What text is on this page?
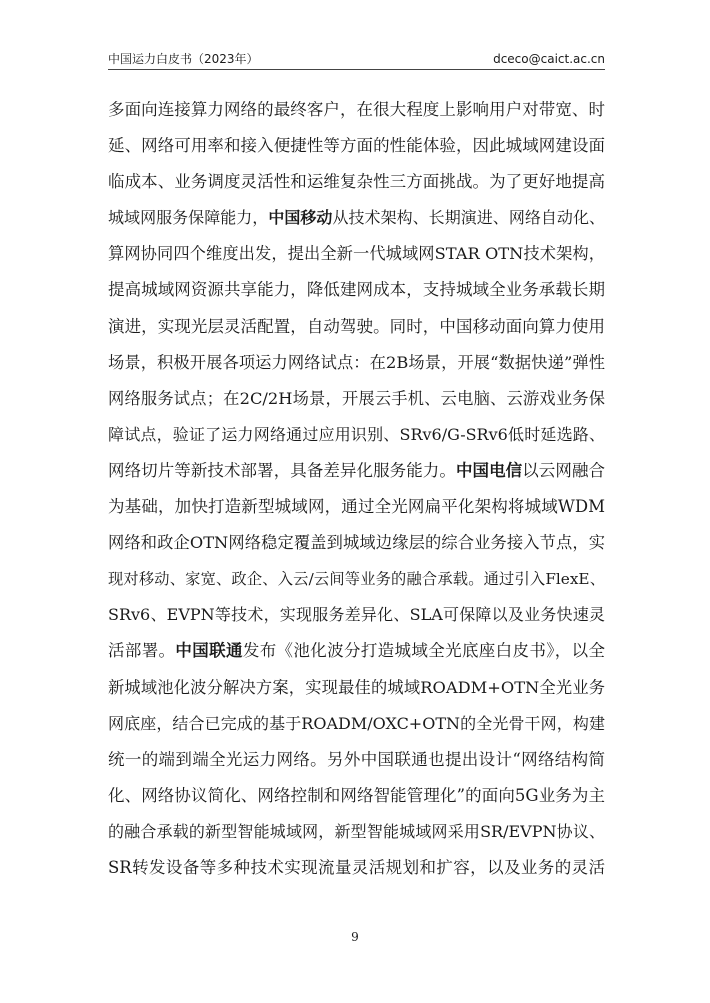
中国运力白皮书（2023年）	dceco@caict.ac.cn
多面向连接算力网络的最终客户，在很大程度上影响用户对带宽、时
延、网络可用率和接入便捷性等方面的性能体验，因此城域网建设面
临成本、业务调度灵活性和运维复杂性三方面挑战。为了更好地提高
城域网服务保障能力，中国移动从技术架构、长期演进、网络自动化、
算网协同四个维度出发，提出全新一代城域网STAR OTN技术架构，
提高城域网资源共享能力，降低建网成本，支持城域全业务承载长期
演进，实现光层灵活配置，自动驾驶。同时，中国移动面向算力使用
场景，积极开展各项运力网络试点：在2B场景，开展“数据快递”弹性
网络服务试点；在2C/2H场景，开展云手机、云电脑、云游戏业务保
障试点，验证了运力网络通过应用识别、SRv6/G-SRv6低时延选路、
网络切片等新技术部署，具备差异化服务能力。中国电信以云网融合
为基础，加快打造新型城域网，通过全光网扁平化架构将城域WDM
网络和政企OTN网络稳定覆盖到城域边缘层的综合业务接入节点，实
现对移动、家宽、政企、入云/云间等业务的融合承载。通过引入FlexE、
SRv6、EVPN等技术，实现服务差异化、SLA可保障以及业务快速灵
活部署。中国联通发布《池化波分打造城域全光底座白皮书》，以全
新城域池化波分解决方案，实现最佳的城域ROADM+OTN全光业务
网底座，结合已完成的基于ROADM/OXC+OTN的全光骨干网，构建
统一的端到端全光运力网络。另外中国联通也提出设计“网络结构简
化、网络协议简化、网络控制和网络智能管理化”的面向5G业务为主
的融合承载的新型智能城域网，新型智能城域网采用SR/EVPN协议、
SR转发设备等多种技术实现流量灵活规划和扩容，以及业务的灵活
9
